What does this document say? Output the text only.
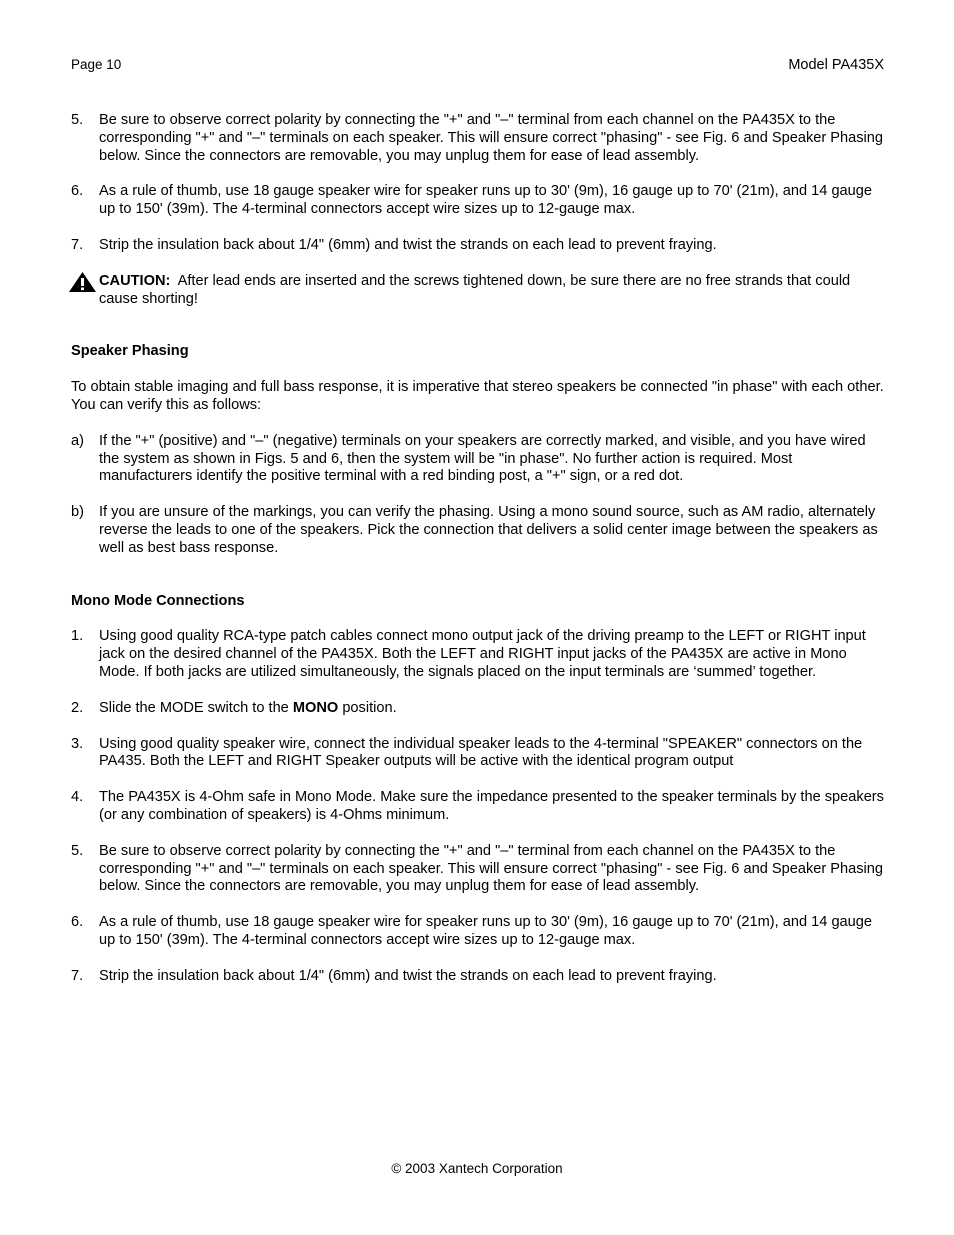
Page 10	Model PA435X
5.	Be sure to observe correct polarity by connecting the "+" and "–" terminal from each channel on the PA435X to the corresponding "+" and "–" terminals on each speaker. This will ensure correct "phasing" - see Fig. 6 and Speaker Phasing below. Since the connectors are removable, you may unplug them for ease of lead assembly.
6.	As a rule of thumb, use 18 gauge speaker wire for speaker runs up to 30' (9m), 16 gauge up to 70' (21m), and 14 gauge up to 150' (39m). The 4-terminal connectors accept wire sizes up to 12-gauge max.
7.	Strip the insulation back about 1/4" (6mm) and twist the strands on each lead to prevent fraying.
CAUTION:  After lead ends are inserted and the screws tightened down, be sure there are no free strands that could cause shorting!
Speaker Phasing
To obtain stable imaging and full bass response, it is imperative that stereo speakers be connected "in phase" with each other. You can verify this as follows:
a)	If the "+" (positive) and "–" (negative) terminals on your speakers are correctly marked, and visible, and you have wired the system as shown in Figs. 5 and 6, then the system will be "in phase". No further action is required. Most manufacturers identify the positive terminal with a red binding post, a "+" sign, or a red dot.
b)	If you are unsure of the markings, you can verify the phasing. Using a mono sound source, such as AM radio, alternately reverse the leads to one of the speakers. Pick the connection that delivers a solid center image between the speakers as well as best bass response.
Mono Mode Connections
1.	Using good quality RCA-type patch cables connect mono output jack of the driving preamp to the LEFT or RIGHT input jack on the desired channel of the PA435X. Both the LEFT and RIGHT input jacks of the PA435X are active in Mono Mode. If both jacks are utilized simultaneously, the signals placed on the input terminals are ‘summed’ together.
2.	Slide the MODE switch to the MONO position.
3.	Using good quality speaker wire, connect the individual speaker leads to the 4-terminal "SPEAKER" connectors on the PA435. Both the LEFT and RIGHT Speaker outputs will be active with the identical program output
4.	The PA435X is 4-Ohm safe in Mono Mode. Make sure the impedance presented to the speaker terminals by the speakers (or any combination of speakers) is 4-Ohms minimum.
5.	Be sure to observe correct polarity by connecting the "+" and "–" terminal from each channel on the PA435X to the corresponding "+" and "–" terminals on each speaker. This will ensure correct "phasing" - see Fig. 6 and Speaker Phasing below. Since the connectors are removable, you may unplug them for ease of lead assembly.
6.	As a rule of thumb, use 18 gauge speaker wire for speaker runs up to 30' (9m), 16 gauge up to 70' (21m), and 14 gauge up to 150' (39m). The 4-terminal connectors accept wire sizes up to 12-gauge max.
7.	Strip the insulation back about 1/4" (6mm) and twist the strands on each lead to prevent fraying.
© 2003 Xantech Corporation
